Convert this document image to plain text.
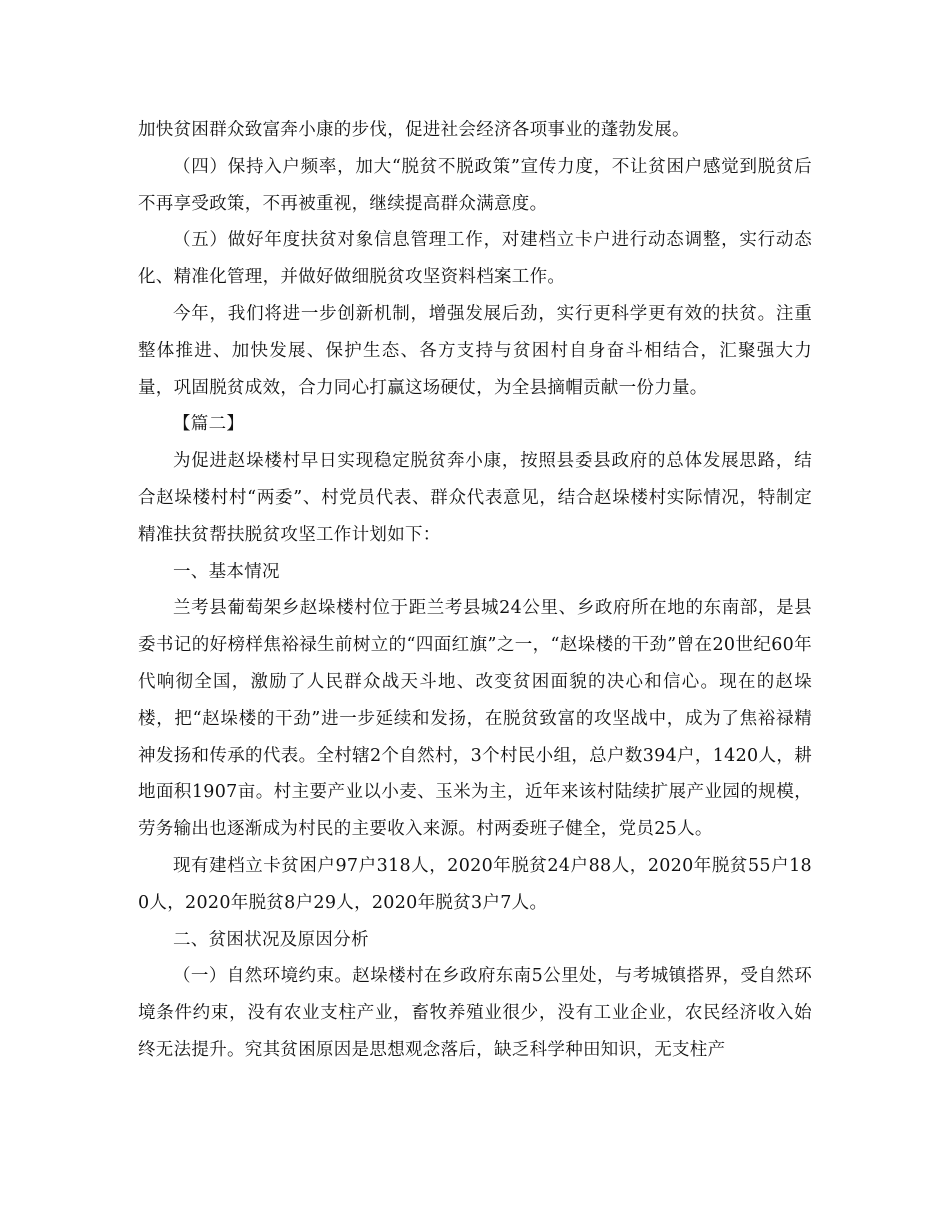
加快贫困群众致富奔小康的步伐，促进社会经济各项事业的蓬勃发展。

（四）保持入户频率，加大“脱贫不脱政策”宣传力度，不让贫困户感觉到脱贫后不再享受政策，不再被重视，继续提高群众满意度。

（五）做好年度扶贫对象信息管理工作，对建档立卡户进行动态调整，实行动态化、精准化管理，并做好做细脱贫攻坚资料档案工作。

今年，我们将进一步创新机制，增强发展后劲，实行更科学更有效的扶贫。注重整体推进、加快发展、保护生态、各方支持与贫困村自身奋斗相结合，汇聚强大力量，巩固脱贫成效，合力同心打赢这场硬仗，为全县摘帽贡献一份力量。

【篇二】

为促进赵垛楼村早日实现稳定脱贫奔小康，按照县委县政府的总体发展思路，结合赵垛楼村村“两委”、村党员代表、群众代表意见，结合赵垛楼村实际情况，特制定精准扶贫帮扶脱贫攻坚工作计划如下：

一、基本情况

兰考县葡萄架乡赵垛楼村位于距兰考县城24公里、乡政府所在地的东南部，是县委书记的好榜样焦裕禄生前树立的“四面红旗”之一，“赵垛楼的干劲”曾在20世纪60年代响彻全国，激励了人民群众战天斗地、改变贫困面貌的决心和信心。现在的赵垛楼，把“赵垛楼的干劲”进一步延续和发扬，在脱贫致富的攻坚战中，成为了焦裕禄精神发扬和传承的代表。全村辖2个自然村，3个村民小组，总户数394户，1420人，耕地面积1907亩。村主要产业以小麦、玉米为主，近年来该村陆续扩展产业园的规模，劳务输出也逐渐成为村民的主要收入来源。村两委班子健全，党员25人。

现有建档立卡贫困户97户318人，2020年脱贫24户88人，2020年脱贫55户180人，2020年脱贫8户29人，2020年脱贫3户7人。

二、贫困状况及原因分析

（一）自然环境约束。赵垛楼村在乡政府东南5公里处，与考城镇搭界，受自然环境条件约束，没有农业支柱产业，畜牧养殖业很少，没有工业企业，农民经济收入始终无法提升。究其贫困原因是思想观念落后，缺乏科学种田知识，无支柱产
